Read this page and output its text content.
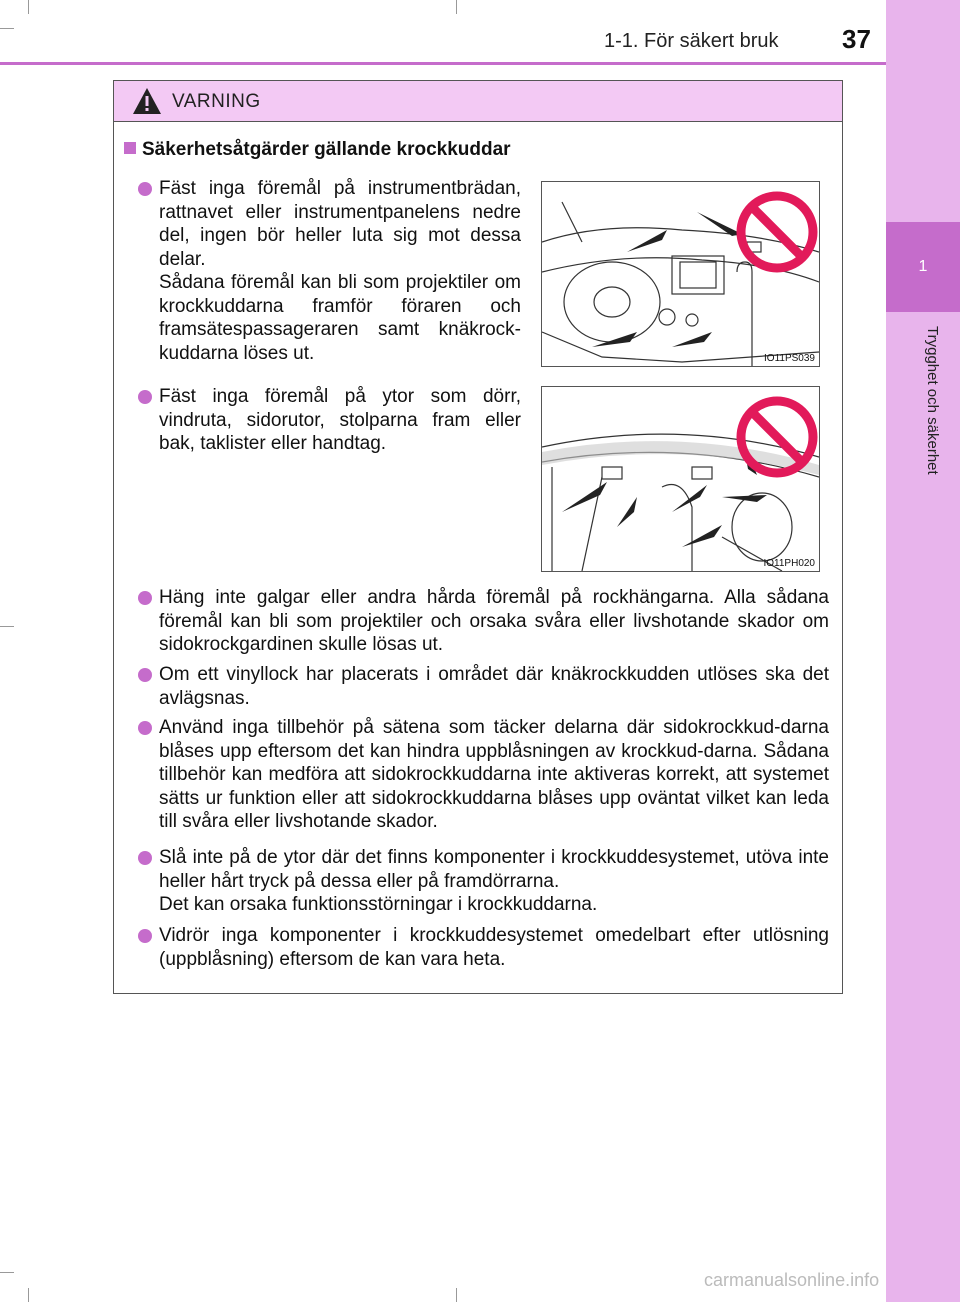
1
Trygghet och säkerhet
1-1. För säkert bruk 37
VARNING
Säkerhetsåtgärder gällande krockkuddar

Fäst inga föremål på instrumentbrädan, rattnavet eller instrumentpanelens nedre del, ingen bör heller luta sig mot dessa delar.

Sådana föremål kan bli som projektiler om krockkuddarna framför föraren och framsätespassageraren samt knäkrock-kuddarna löses ut.	IO11PS039

Fäst inga föremål på ytor som dörr, vindruta, sidorutor, stolparna fram eller bak, taklister eller handtag.

IO11PH020

Häng inte galgar eller andra hårda föremål på rockhängarna. Alla sådana föremål kan bli som projektiler och orsaka svåra eller livshotande skador om sidokrockgardinen skulle lösas ut.

Om ett vinyllock har placerats i området där knäkrockkudden utlöses ska det avlägsnas.

Använd inga tillbehör på sätena som täcker delarna där sidokrockkud-darna blåses upp eftersom det kan hindra uppblåsningen av krockkud-darna. Sådana tillbehör kan medföra att sidokrockkuddarna inte aktiveras korrekt, att systemet sätts ur funktion eller att sidokrockkuddarna blåses upp oväntat vilket kan leda till svåra eller livshotande skador.

Slå inte på de ytor där det finns komponenter i krockkuddesystemet, utöva inte heller hårt tryck på dessa eller på framdörrarna.

Det kan orsaka funktionsstörningar i krockkuddarna.

Vidrör inga komponenter i krockkuddesystemet omedelbart efter utlösning (uppblåsning) eftersom de kan vara heta.

carmanualsonline.info
